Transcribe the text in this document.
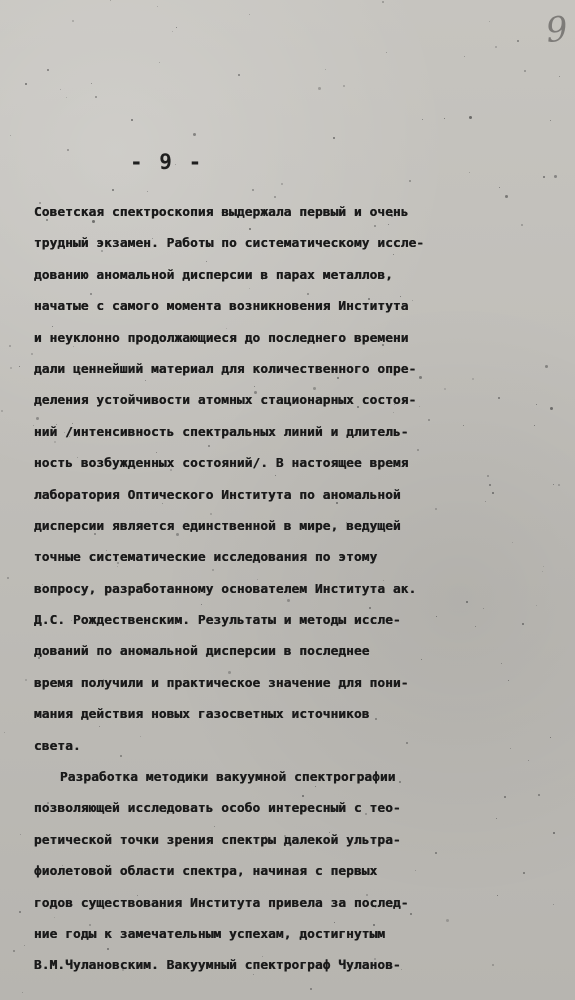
9
- 9 -
Советская спектроскопия выдержала первый и очень
трудный экзамен. Работы по систематическому иссле-
дованию аномальной дисперсии в парах металлов,
начатые с самого момента возникновения Института
и неуклонно продолжающиеся до последнего времени
дали ценнейший материал для количественного опре-
деления устойчивости атомных стационарных состоя-
ний /интенсивность спектральных линий и длитель-
ность возбужденных состояний/. В настоящее время
лаборатория Оптического Института по аномальной
дисперсии является единственной в мире, ведущей
точные систематические исследования по этому
вопросу, разработанному основателем Института ак.
Д.С. Рождественским. Результаты и методы иссле-
дований по аномальной дисперсии в последнее
время получили и практическое значение для пони-
мания действия новых газосветных источников
света.
Разработка методики вакуумной спектрографии
позволяющей исследовать особо интересный с тео-
ретической точки зрения спектры далекой ультра-
фиолетовой области спектра, начиная с первых
годов существования Института привела за послед-
ние годы к замечательным успехам, достигнутым
В.М.Чулановским. Вакуумный спектрограф Чуланов-
